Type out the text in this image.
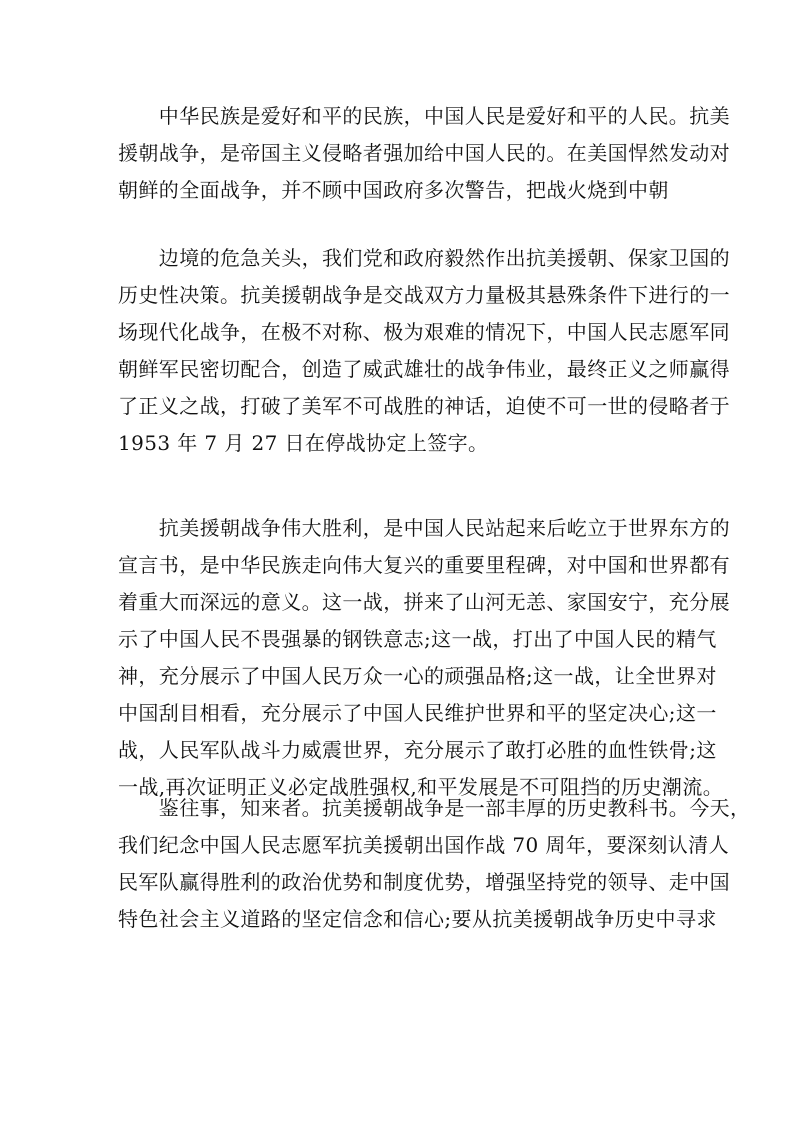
　　中华民族是爱好和平的民族，中国人民是爱好和平的人民。抗美
援朝战争，是帝国主义侵略者强加给中国人民的。在美国悍然发动对
朝鲜的全面战争，并不顾中国政府多次警告，把战火烧到中朝

　　边境的危急关头，我们党和政府毅然作出抗美援朝、保家卫国的
历史性决策。抗美援朝战争是交战双方力量极其悬殊条件下进行的一
场现代化战争，在极不对称、极为艰难的情况下，中国人民志愿军同
朝鲜军民密切配合，创造了威武雄壮的战争伟业，最终正义之师赢得
了正义之战，打破了美军不可战胜的神话，迫使不可一世的侵略者于
1953 年 7 月 27 日在停战协定上签字。

　　抗美援朝战争伟大胜利，是中国人民站起来后屹立于世界东方的
宣言书，是中华民族走向伟大复兴的重要里程碑，对中国和世界都有
着重大而深远的意义。这一战，拼来了山河无恙、家国安宁，充分展
示了中国人民不畏强暴的钢铁意志;这一战，打出了中国人民的精气
神，充分展示了中国人民万众一心的顽强品格;这一战，让全世界对
中国刮目相看，充分展示了中国人民维护世界和平的坚定决心;这一
战，人民军队战斗力威震世界，充分展示了敢打必胜的血性铁骨;这
一战,再次证明正义必定战胜强权,和平发展是不可阻挡的历史潮流。

　　鉴往事，知来者。抗美援朝战争是一部丰厚的历史教科书。今天，
我们纪念中国人民志愿军抗美援朝出国作战 70 周年，要深刻认清人
民军队赢得胜利的政治优势和制度优势，增强坚持党的领导、走中国
特色社会主义道路的坚定信念和信心;要从抗美援朝战争历史中寻求
